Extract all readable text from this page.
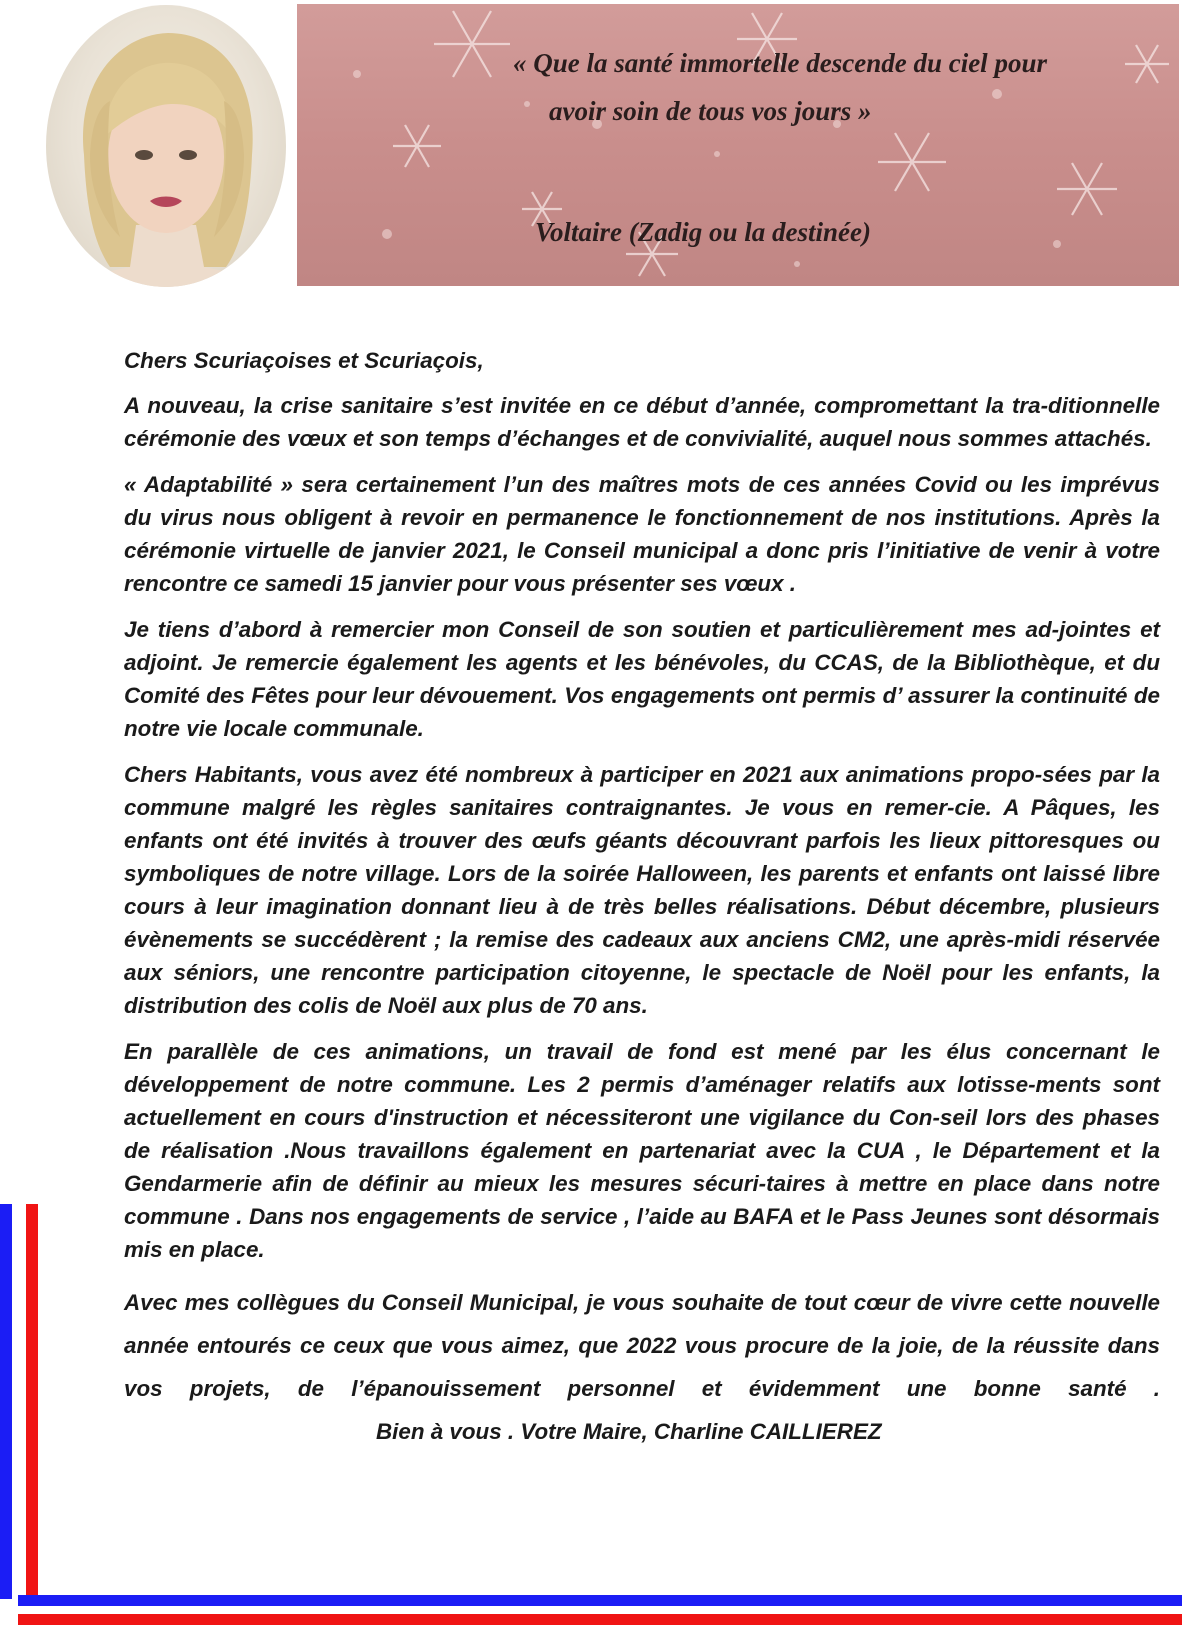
« Que la santé immortelle descende du ciel pour
avoir soin de tous vos jours »
Voltaire (Zadig ou la destinée)

Chers Scuriaçoises et Scuriaçois,

A nouveau, la crise sanitaire s’est invitée en ce début d’année, compromettant la tra-ditionnelle cérémonie des vœux et son temps d’échanges et de convivialité, auquel nous sommes attachés.

« Adaptabilité » sera certainement l’un des maîtres mots de ces années Covid ou les imprévus du virus nous obligent à revoir en permanence le fonctionnement de nos institutions. Après la cérémonie virtuelle de janvier 2021, le Conseil municipal a donc pris l’initiative de venir à votre rencontre ce samedi 15 janvier pour vous présenter ses vœux .

Je tiens d’abord à remercier mon Conseil de son soutien et particulièrement mes ad-jointes et adjoint. Je remercie également les agents et les bénévoles, du CCAS, de la Bibliothèque, et du Comité des Fêtes pour leur dévouement. Vos engagements ont permis d’ assurer la continuité de notre vie locale communale.

Chers Habitants, vous avez été nombreux à participer en 2021 aux animations propo-sées par la commune malgré les règles sanitaires contraignantes. Je vous en remer-cie. A Pâques, les enfants ont été invités à trouver des œufs géants découvrant parfois les lieux pittoresques ou symboliques de notre village. Lors de la soirée Halloween, les parents et enfants ont laissé libre cours à leur imagination donnant lieu à de très belles réalisations. Début décembre, plusieurs évènements se succédèrent ; la remise des cadeaux aux anciens CM2, une après-midi réservée aux séniors, une rencontre participation citoyenne, le spectacle de Noël pour les enfants, la distribution des colis de Noël aux plus de 70 ans.

En parallèle de ces animations, un travail de fond est mené par les élus concernant le développement de notre commune. Les 2 permis d’aménager relatifs aux lotisse-ments sont actuellement en cours d'instruction et nécessiteront une vigilance du Con-seil lors des phases de réalisation .Nous travaillons également en partenariat avec la CUA , le Département et la Gendarmerie afin de définir au mieux les mesures sécuri-taires à mettre en place dans notre commune . Dans nos engagements de service , l’aide au BAFA et le Pass Jeunes sont désormais mis en place.

Avec mes collègues du Conseil Municipal, je vous souhaite de tout cœur de vivre cette nouvelle année entourés ce ceux que vous aimez, que 2022 vous procure de la joie, de la réussite dans vos projets, de l’épanouissement personnel et évidemment une bonne santé .Bien à vous . Votre Maire, Charline CAILLIEREZ
